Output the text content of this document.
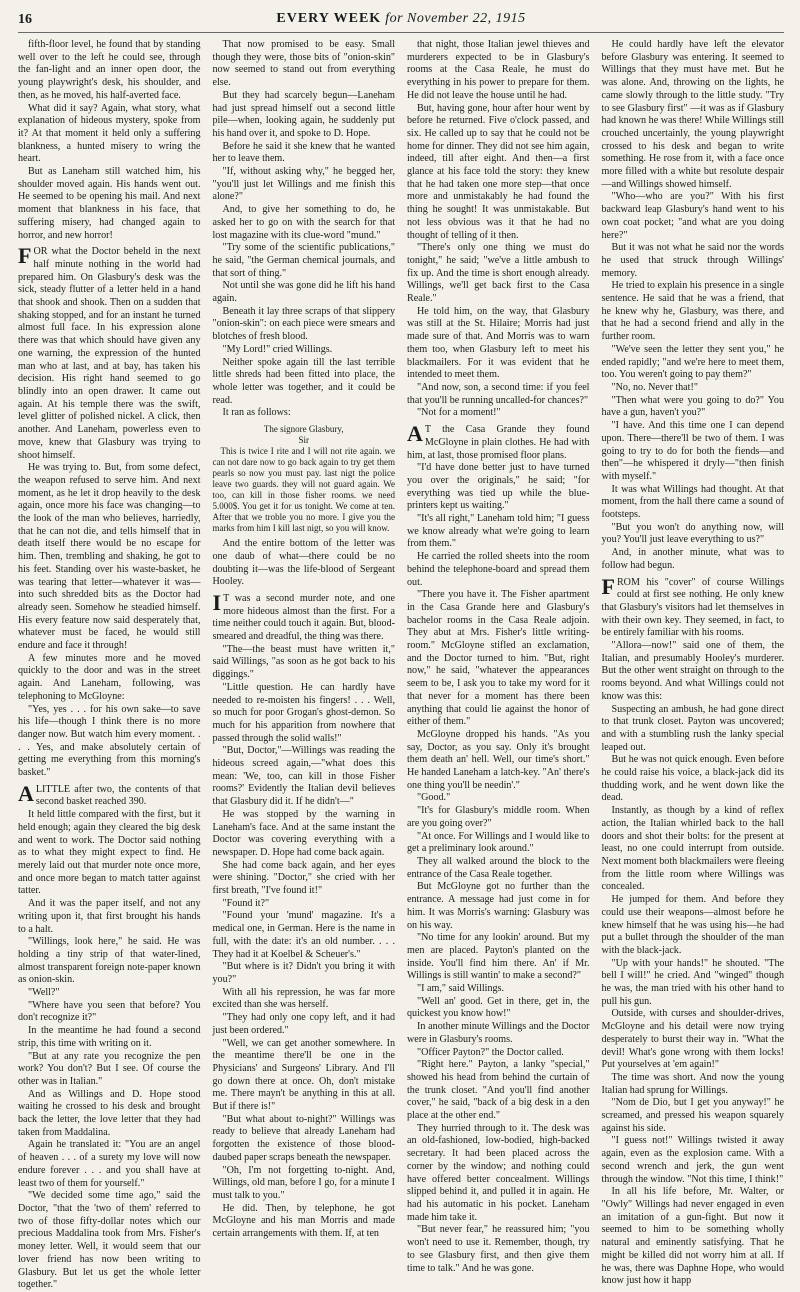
16	EVERY WEEK for November 22, 1915

fifth-floor level, he found that by standing well over to the left he could see, through the fan-light and an inner open door, the young playwright's desk, his shoulder, and then, as he moved, his half-averted face.

What did it say? Again, what story, what explanation of hideous mystery, spoke from it? At that moment it held only a suffering blankness, a hunted misery to wring the heart.

But as Laneham still watched him, his shoulder moved again. His hands went out. He seemed to be opening his mail. And next moment that blankness in his face, that suffering misery, had changed again to horror, and new horror!

FOR what the Doctor beheld in the next half minute nothing in the world had prepared him. On Glasbury's desk was the sick, steady flutter of a letter held in a hand that shook and shook. Then on a sudden that shaking stopped, and for an instant he turned almost full face. In his expression alone there was that which should have given any one warning, the expression of the hunted man who at last, and at bay, has taken his decision. His right hand seemed to go blindly into an open drawer. It came out again. At his temple there was the swift, level glitter of polished nickel. A click, then another. And Laneham, powerless even to move, knew that Glasbury was trying to shoot himself.

He was trying to. But, from some defect, the weapon refused to serve him. And next moment, as he let it drop heavily to the desk again, once more his face was changing—to the look of the man who believes, harriedly, that he can not die, and tells himself that in death itself there would be no escape for him. Then, trembling and shaking, he got to his feet. Standing over his waste-basket, he was tearing that letter—whatever it was—into such shredded bits as the Doctor had already seen. Somehow he steadied himself. His every feature now said desperately that, whatever must be faced, he would still endure and face it through!

A few minutes more and he moved quickly to the door and was in the street again. And Laneham, following, was telephoning to McGloyne:

"Yes, yes . . . for his own sake—to save his life—though I think there is no more danger now. But watch him every moment. . . . Yes, and make absolutely certain of getting me everything from this morning's basket."

ALITTLE after two, the contents of that second basket reached 390.

It held little compared with the first, but it held enough; again they cleared the big desk and went to work. The Doctor said nothing as to what they might expect to find. He merely laid out that murder note once more, and once more began to match tatter against tatter.

And it was the paper itself, and not any writing upon it, that first brought his hands to a halt.

"Willings, look here," he said. He was holding a tiny strip of that water-lined, almost transparent foreign note-paper known as onion-skin.

"Well?"

"Where have you seen that before? You don't recognize it?"

In the meantime he had found a second strip, this time with writing on it.

"But at any rate you recognize the pen work? You don't? But I see. Of course the other was in Italian."

And as Willings and D. Hope stood waiting he crossed to his desk and brought back the letter, the love letter that they had taken from Maddalina.

Again he translated it: "You are an angel of heaven . . . of a surety my love will now endure forever . . . and you shall have at least two of them for yourself."

"We decided some time ago," said the Doctor, "that the 'two of them' referred to two of those fifty-dollar notes which our precious Maddalina took from Mrs. Fisher's money letter. Well, it would seem that our lover friend has now been writing to Glasbury. But let us get the whole letter together."

That now promised to be easy. Small though they were, those bits of "onion-skin" now seemed to stand out from everything else.

But they had scarcely begun—Laneham had just spread himself out a second little pile—when, looking again, he suddenly put his hand over it, and spoke to D. Hope.

Before he said it she knew that he wanted her to leave them.

"If, without asking why," he begged her, "you'll just let Willings and me finish this alone?"

And, to give her something to do, he asked her to go on with the search for that lost magazine with its clue-word "mund."

"Try some of the scientific publications," he said, "the German chemical journals, and that sort of thing."

Not until she was gone did he lift his hand again.

Beneath it lay three scraps of that slippery "onion-skin": on each piece were smears and blotches of fresh blood.

"My Lord!" cried Willings.

Neither spoke again till the last terrible little shreds had been fitted into place, the whole letter was together, and it could be read.

It ran as follows:

The signore Glasbury,

Sir

This is twice I rite and I will not rite again. we can not dare now to go back again to try get them pearls so now you must pay. last nigt the police leave two guards. they will not guard again. We too, can kill in those fisher rooms. we need 5.000$. You get it for us tonight. We come at ten. After that we troble you no more. I give you the marks from him I kill last nigt, so you will know.

And the entire bottom of the letter was one daub of what—there could be no doubting it—was the life-blood of Sergeant Hooley.

IT was a second murder note, and one more hideous almost than the first. For a time neither could touch it again. But, blood-smeared and dreadful, the thing was there.

"The—the beast must have written it," said Willings, "as soon as he got back to his diggings."

"Little question. He can hardly have needed to re-moisten his fingers! . . . Well, so much for poor Grogan's ghost-demon. So much for his apparition from nowhere that passed through the solid walls!"

"But, Doctor,"—Willings was reading the hideous screed again,—"what does this mean: 'We, too, can kill in those Fisher rooms?' Evidently the Italian devil believes that Glasbury did it. If he didn't—"

He was stopped by the warning in Laneham's face. And at the same instant the Doctor was covering everything with a newspaper. D. Hope had come back again.

She had come back again, and her eyes were shining. "Doctor," she cried with her first breath, "I've found it!"

"Found it?"

"Found your 'mund' magazine. It's a medical one, in German. Here is the name in full, with the date: it's an old number. . . . They had it at Koelbel & Scheuer's."

"But where is it? Didn't you bring it with you?"

With all his repression, he was far more excited than she was herself.

"They had only one copy left, and it had just been ordered."

"Well, we can get another somewhere. In the meantime there'll be one in the Physicians' and Surgeons' Library. And I'll go down there at once. Oh, don't mistake me. There mayn't be anything in this at all. But if there is!"

"But what about to-night?" Willings was ready to believe that already Laneham had forgotten the existence of those blood-daubed paper scraps beneath the newspaper.

"Oh, I'm not forgetting to-night. And, Willings, old man, before I go, for a minute I must talk to you."

He did. Then, by telephone, he got McGloyne and his man Morris and made certain arrangements with them. If, at ten

that night, those Italian jewel thieves and murderers expected to be in Glasbury's rooms at the Casa Reale, he must do everything in his power to prepare for them. He did not leave the house until he had.

But, having gone, hour after hour went by before he returned. Five o'clock passed, and six. He called up to say that he could not be home for dinner. They did not see him again, indeed, till after eight. And then—a first glance at his face told the story: they knew that he had taken one more step—that once more and unmistakably he had found the thing he sought! It was unmistakable. But not less obvious was it that he had no thought of telling of it then.

"There's only one thing we must do tonight," he said; "we've a little ambush to fix up. And the time is short enough already. Willings, we'll get back first to the Casa Reale."

He told him, on the way, that Glasbury was still at the St. Hilaire; Morris had just made sure of that. And Morris was to warn them too, when Glasbury left to meet his blackmailers. For it was evident that he intended to meet them.

"And now, son, a second time: if you feel that you'll be running uncalled-for chances?"

"Not for a moment!"

AT the Casa Grande they found McGloyne in plain clothes. He had with him, at last, those promised floor plans.

"I'd have done better just to have turned you over the originals," he said; "for everything was tied up while the blue-printers kept us waiting."

"It's all right," Laneham told him; "I guess we know already what we're going to learn from them."

He carried the rolled sheets into the room behind the telephone-board and spread them out.

"There you have it. The Fisher apartment in the Casa Grande here and Glasbury's bachelor rooms in the Casa Reale adjoin. They abut at Mrs. Fisher's little writing-room." McGloyne stifled an exclamation, and the Doctor turned to him. "But, right now," he said, "whatever the appearances seem to be, I ask you to take my word for it that never for a moment has there been anything that could lie against the honor of either of them."

McGloyne dropped his hands. "As you say, Doctor, as you say. Only it's brought them death an' hell. Well, our time's short." He handed Laneham a latch-key. "An' there's one thing you'll be needin'."

"Good."

"It's for Glasbury's middle room. When are you going over?"

"At once. For Willings and I would like to get a preliminary look around."

They all walked around the block to the entrance of the Casa Reale together.

But McGloyne got no further than the entrance. A message had just come in for him. It was Morris's warning: Glasbury was on his way.

"No time for any lookin' around. But my men are placed. Payton's planted on the inside. You'll find him there. An' if Mr. Willings is still wantin' to make a second?"

"I am," said Willings.

"Well an' good. Get in there, get in, the quickest you know how!"

In another minute Willings and the Doctor were in Glasbury's rooms.

"Officer Payton?" the Doctor called.

"Right here." Payton, a lanky "special," showed his head from behind the curtain of the trunk closet. "And you'll find another cover," he said, "back of a big desk in a den place at the other end."

They hurried through to it. The desk was an old-fashioned, low-bodied, high-backed secretary. It had been placed across the corner by the window; and nothing could have offered better concealment. Willings slipped behind it, and pulled it in again. He had his automatic in his pocket. Laneham made him take it.

"But never fear," he reassured him; "you won't need to use it. Remember, though, try to see Glasbury first, and then give them time to talk." And he was gone.

He could hardly have left the elevator before Glasbury was entering. It seemed to Willings that they must have met. But he was alone. And, throwing on the lights, he came slowly through to the little study. "Try to see Glasbury first" —it was as if Glasbury had known he was there! While Willings still crouched uncertainly, the young playwright crossed to his desk and began to write something. He rose from it, with a face once more filled with a white but resolute despair—and Willings showed himself.

"Who—who are you?" With his first backward leap Glasbury's hand went to his own coat pocket; "and what are you doing here?"

But it was not what he said nor the words he used that struck through Willings' memory.

He tried to explain his presence in a single sentence. He said that he was a friend, that he knew why he, Glasbury, was there, and that he had a second friend and ally in the further room.

"We've seen the letter they sent you," he ended rapidly; "and we're here to meet them, too. You weren't going to pay them?"

"No, no. Never that!"

"Then what were you going to do?" You have a gun, haven't you?"

"I have. And this time one I can depend upon. There—there'll be two of them. I was going to try to do for both the fiends—and then"—he whispered it dryly—"then finish with myself."

It was what Willings had thought. At that moment, from the hall there came a sound of footsteps.

"But you won't do anything now, will you? You'll just leave everything to us?"

And, in another minute, what was to follow had begun.

FROM his "cover" of course Willings could at first see nothing. He only knew that Glasbury's visitors had let themselves in with their own key. They seemed, in fact, to be entirely familiar with his rooms.

"Allora—now!" said one of them, the Italian, and presumably Hooley's murderer. But the other went straight on through to the rooms beyond. And what Willings could not know was this:

Suspecting an ambush, he had gone direct to that trunk closet. Payton was uncovered; and with a stumbling rush the lanky special leaped out.

But he was not quick enough. Even before he could raise his voice, a black-jack did its thudding work, and he went down like the dead.

Instantly, as though by a kind of reflex action, the Italian whirled back to the hall doors and shot their bolts: for the present at least, no one could interrupt from outside. Next moment both blackmailers were fleeing from the little room where Willings was concealed.

He jumped for them. And before they could use their weapons—almost before he knew himself that he was using his—he had put a bullet through the shoulder of the man with the black-jack.

"Up with your hands!" he shouted. "The bell I will!" he cried. And "winged" though he was, the man tried with his other hand to pull his gun.

Outside, with curses and shoulder-drives, McGloyne and his detail were now trying desperately to burst their way in. "What the devil! What's gone wrong with them locks! Put yourselves at 'em again!"

The time was short. And now the young Italian had sprung for Willings.

"Nom de Dio, but I get you anyway!" he screamed, and pressed his weapon squarely against his side.

"I guess not!" Willings twisted it away again, even as the explosion came. With a second wrench and jerk, the gun went through the window. "Not this time, I think!"

In all his life before, Mr. Walter, or "Owly" Willings had never engaged in even an imitation of a gun-fight. But now it seemed to him to be something wholly natural and eminently satisfying. That he might be killed did not worry him at all. If he was, there was Daphne Hope, who would know just how it happ
